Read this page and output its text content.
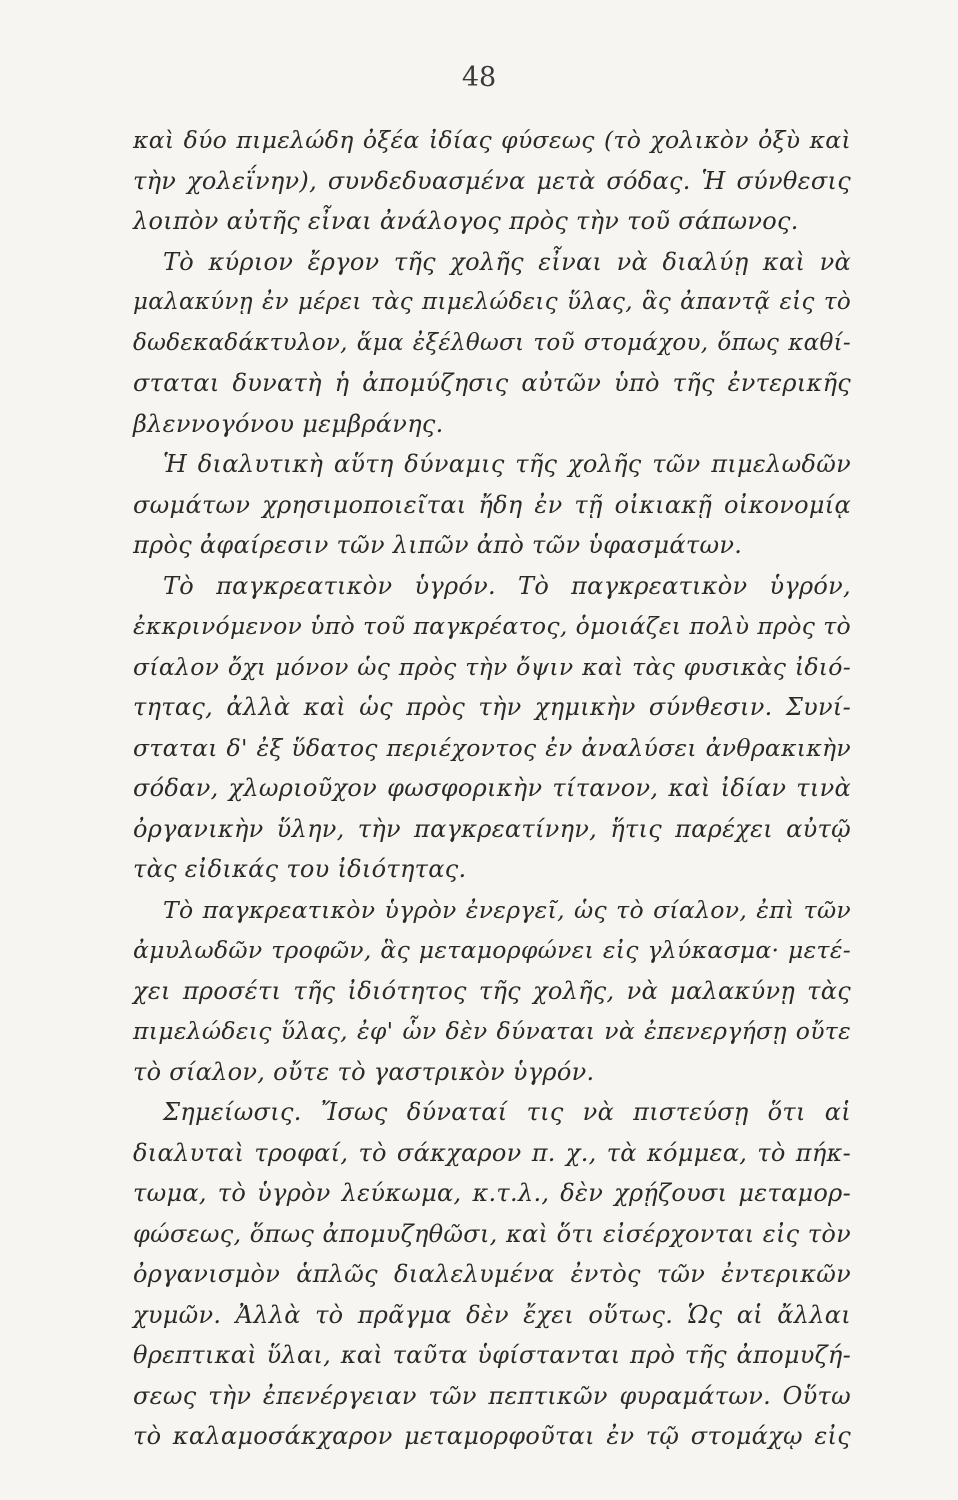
48
καὶ δύο πιμελώδη ὀξέα ἰδίας φύσεως (τὸ χολικὸν ὀξὺ καὶ
τὴν χολεΐνην), συνδεδυασμένα μετὰ σόδας. Ἡ σύνθεσις
λοιπὸν αὐτῆς εἶναι ἀνάλογος πρὸς τὴν τοῦ σάπωνος.
Τὸ κύριον ἔργον τῆς χολῆς εἶναι νὰ διαλύῃ καὶ νὰ
μαλακύνῃ ἐν μέρει τὰς πιμελώδεις ὕλας, ἃς ἀπαντᾷ εἰς τὸ
δωδεκαδάκτυλον, ἅμα ἐξέλθωσι τοῦ στομάχου, ὅπως καθί-
σταται δυνατὴ ἡ ἀπομύζησις αὐτῶν ὑπὸ τῆς ἐντερικῆς
βλεννογόνου μεμβράνης.
Ἡ διαλυτικὴ αὕτη δύναμις τῆς χολῆς τῶν πιμελωδῶν
σωμάτων χρησιμοποιεῖται ἤδη ἐν τῇ οἰκιακῇ οἰκονομίᾳ
πρὸς ἀφαίρεσιν τῶν λιπῶν ἀπὸ τῶν ὑφασμάτων.
Τὸ παγκρεατικὸν ὑγρόν. Τὸ παγκρεατικὸν ὑγρόν,
ἐκκρινόμενον ὑπὸ τοῦ παγκρέατος, ὁμοιάζει πολὺ πρὸς τὸ
σίαλον ὄχι μόνον ὡς πρὸς τὴν ὄψιν καὶ τὰς φυσικὰς ἰδιό-
τητας, ἀλλὰ καὶ ὡς πρὸς τὴν χημικὴν σύνθεσιν. Συνί-
σταται δ' ἐξ ὕδατος περιέχοντος ἐν ἀναλύσει ἀνθρακικὴν
σόδαν, χλωριοῦχον φωσφορικὴν τίτανον, καὶ ἰδίαν τινὰ
ὀργανικὴν ὕλην, τὴν παγκρεατίνην, ἥτις παρέχει αὐτῷ
τὰς εἰδικάς του ἰδιότητας.
Τὸ παγκρεατικὸν ὑγρὸν ἐνεργεῖ, ὡς τὸ σίαλον, ἐπὶ τῶν
ἀμυλωδῶν τροφῶν, ἃς μεταμορφώνει εἰς γλύκασμα· μετέ-
χει προσέτι τῆς ἰδιότητος τῆς χολῆς, νὰ μαλακύνῃ τὰς
πιμελώδεις ὕλας, ἐφ' ὧν δὲν δύναται νὰ ἐπενεργήσῃ οὔτε
τὸ σίαλον, οὔτε τὸ γαστρικὸν ὑγρόν.
Σημείωσις. Ἴσως δύναταί τις νὰ πιστεύσῃ ὅτι αἱ
διαλυταὶ τροφαί, τὸ σάκχαρον π. χ., τὰ κόμμεα, τὸ πήκ-
τωμα, τὸ ὑγρὸν λεύκωμα, κ.τ.λ., δὲν χρῄζουσι μεταμορ-
φώσεως, ὅπως ἀπομυζηθῶσι, καὶ ὅτι εἰσέρχονται εἰς τὸν
ὀργανισμὸν ἁπλῶς διαλελυμένα ἐντὸς τῶν ἐντερικῶν
χυμῶν. Ἀλλὰ τὸ πρᾶγμα δὲν ἔχει οὕτως. Ὡς αἱ ἄλλαι
θρεπτικαὶ ὕλαι, καὶ ταῦτα ὑφίστανται πρὸ τῆς ἀπομυζή-
σεως τὴν ἐπενέργειαν τῶν πεπτικῶν φυραμάτων. Οὕτω
τὸ καλαμοσάκχαρον μεταμορφοῦται ἐν τῷ στομάχῳ εἰς
